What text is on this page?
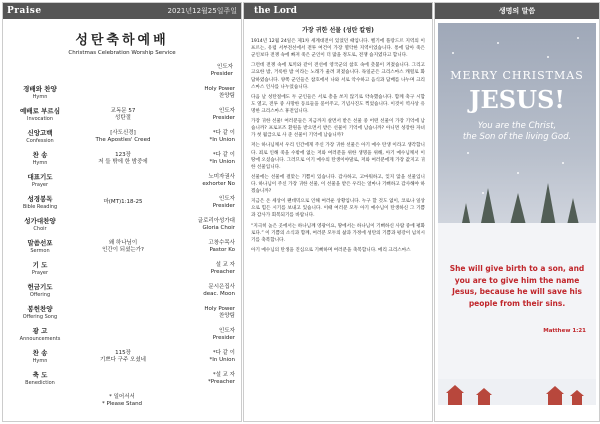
Praise	2021년12월25일주일
성탄축하예배
Christmas Celebration Worship Service
인도자
Presider
경배와 찬양
Hymn
Holy Power
찬양팀
예배로 부르심
Invocation
교독문 57
성탄절
인도자
Presider
신앙고백
Confession
[사도신경]
The Apostles' Creed
*다 같 이
*In Union
찬 송
Hymn
123장
저 들 밖에 한 밤중에
*다 같 이
*In Union
대표기도
Prayer
노미자권사
exhorter No
성경봉독
Bible Reading
마(MT)1:18-25
인도자
Presider
성가대찬양
Choir
글로리아성가대
Gloria Choir
말씀선포
Sermon
왜 하나님이
인간이 되셨는가?
고창수목사
Pastor Ko
기 도
Prayer
설 교 자
Preacher
헌금기도
Offering
문시은집사
deac. Moon
봉헌찬양
Offering Song
Holy Power
찬양팀
광 고
Announcements
인도자
Presider
찬 송
Hymn
115장
기쁘다 구주 오셨네
*다 같 이
*In Union
축 도
Benediction
*설 교 자
*Preacher
* 일어서서
* Please Stand
the Lord
가장 귀한 선물 (성탄 칼럼)

1914년 12월 24일은 제1차 세계대전이 있었던 때입니다. 벨기에 플랑드르 지역의 이프르는, 유럽 서부전선에서 전투 여건이 가장 열악한 지역이었습니다. 통에 담아 죽은 군인보다 전쟁 속에 빠져 죽은 군인이 더 많을 정도로, 전쟁 습지였다고 합니다.

그런데 전쟁 속에 토끼와 같이 전선에 영국군의 참호 속에 촛불이 켜졌습니다. 그리고 고요한 밤, 거룩한 밤 이라는 노래가 울려 퍼졌습니다. 독일군은 크리스마스 캐럴로 화답하였습니다. 양쪽 군인들은 참호에서 나와 서로 악수하고 음식과 담배를 나누며 크리스마스 인사를 나누었습니다.

다음 날 성탄절에도 두 군인들은 서로 총을 쏘지 않기로 약속했습니다. 함께 축구 시합도 열고, 전투 중 사망한 동료들을 묻어주고, 기념사진도 찍었습니다. 이것이 역사상 유명한 크리스마스 휴전입니다.

가장 귀한 선물! 여러분들은 지금까지 살면서 받은 선물 중 어떤 선물이 가장 기억에 남습니까? 프로포즈 환원을 받으면서 받은 선물이 기억에 남습니까? 아니면 성장한 자녀가 첫 월급으로 사 준 선물이 기억에 남습니까?

저는 하나님께서 우리 인간에게 주신 가장 귀한 선물은 아기 예수 탄생 이라고 생각합니다. 죄로 인해 죽을 수밖에 없는 저와 여러분을 위한 생명을 위해, 아기 예수님께서 이 땅에 오셨습니다. 그러므로 이기 예수의 탄생이야말로, 저와 여러분에게 가장 값지고 귀한 선물입니다.

선물에는 선물에 걸맞는 기쁨이 있습니다. 감사하고, 고마워하고, 잊지 않을 선물입니다. 하나님이 주신 가장 귀한 선물, 이 선물을 받은 우리는 얼마나 기뻐하고 감사해야 하겠습니까?

지금은 온 세상이 팬데믹으로 인해 여러운 상황입니다. 누구 할 것도 없이, 코로나 일상으로 힘든 시기를 보내고 있습니다. 이때 여러분 모두 아기 예수님이 탄생하신 그 기쁨과 감사가 회복되기를 바랍니다.

“지극히 높은 곳에서는 하나님께 영광이요, 땅에서는 하나님이 기뻐하신 사람 중에 평화로다.” 이 기쁨의 소식과 함께, 여러분 모두의 삶과 가정에 성탄의 기쁨과 평강이 넘치시기를 축복합니다.

아기 예수님의 탄생을 진심으로 기뻐하며 여러분을 축복합니다. 메리 크리스마스

생명의 말씀
MERRY CHRISTMAS
JESUS!
You are the Christ,
the Son of the living God.
She will give birth to a son, and you are to give him the name Jesus, because he will save his people from their sins.
Matthew 1:21
